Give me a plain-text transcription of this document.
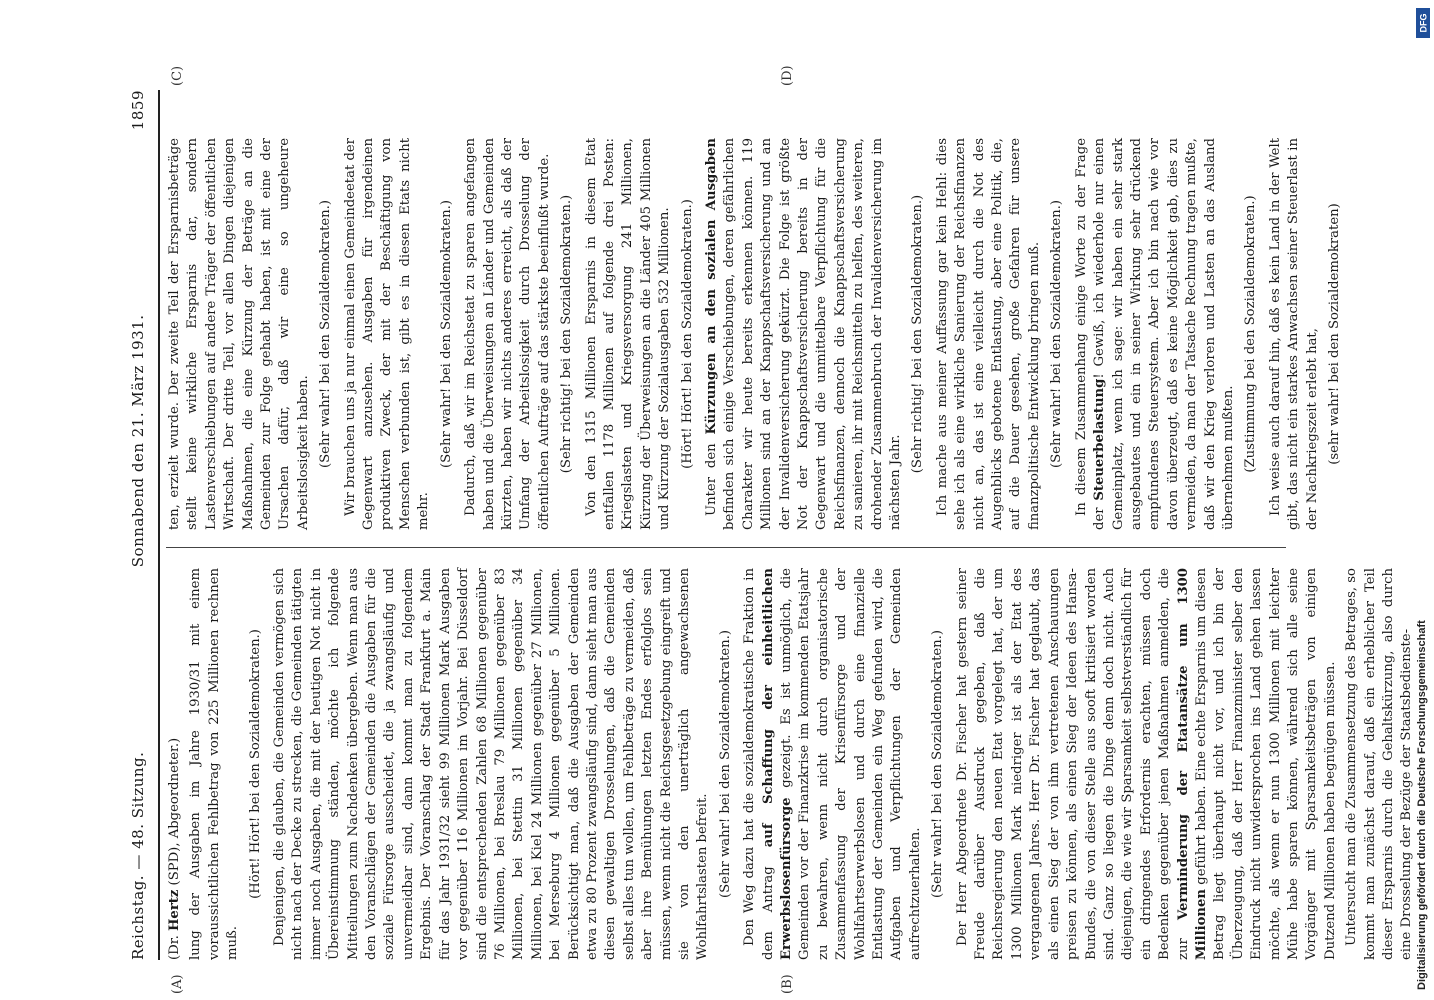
Reichstag. — 48. Sitzung.
Sonnabend den 21. März 1931.
1859

(Dr. Hertz (SPD), Abgeordneter.) lung der Ausgaben im Jahre 1930/31 mit einem voraussichtlichen Fehlbetrag von 225 Millionen rechnen muß.

(Hört! Hört! bei den Sozialdemokraten.) Denjenigen, die glauben, die Gemeinden vermögen sich nicht nach der Decke zu strecken, die Gemeinden tätigten immer noch Ausgaben, die mit der heutigen Not nicht in Übereinstimmung ständen, möchte ich folgende Mitteilungen zum Nachdenken übergeben. Wenn man aus den Voranschlägen der Gemeinden die Ausgaben für die soziale Fürsorge ausscheidet, die ja zwangsläufig und unvermeidbar sind, dann kommt man zu folgendem Ergebnis. Der Voranschlag der Stadt Frankfurt a. Main für das Jahr 1931/32 sieht 99 Millionen Mark Ausgaben vor gegenüber 116 Millionen im Vorjahr. Bei Düsseldorf sind die entsprechenden Zahlen 68 Millionen gegenüber 76 Millionen, bei Breslau 79 Millionen gegenüber 83 Millionen, bei Stettin 31 Millionen gegenüber 34 Millionen, bei Kiel 24 Millionen gegenüber 27 Millionen, bei Merseburg 4 Millionen gegenüber 5 Millionen. Berücksichtigt man, daß die Ausgaben der Gemeinden etwa zu 80 Prozent zwangsläufig sind, dann sieht man aus diesen gewaltigen Drosselungen, daß die Gemeinden selbst alles tun wollen, um Fehlbeträge zu vermeiden, daß aber ihre Bemühungen letzten Endes erfolglos sein müssen, wenn nicht die Reichsgesetzgebung eingreift und sie von den unerträglich angewachsenen Wohlfahrtslasten befreit. (Sehr wahr! bei den Sozialdemokraten.) Den Weg dazu hat die sozialdemokratische Fraktion in dem Antrag auf Schaffung der einheitlichen Erwerbslosenfürsorge gezeigt. Es ist unmöglich, die Gemeinden vor der Finanzkrise im kommenden Etatsjahr zu bewahren, wenn nicht durch organisatorische Zusammenfassung der Krisenfürsorge und der Wohlfahrtserwerbslosen und durch eine finanzielle Entlastung der Gemeinden ein Weg gefunden wird, die Aufgaben und Verpflichtungen der Gemeinden aufrechtzuerhalten. (Sehr wahr! bei den Sozialdemokraten.) Der Herr Abgeordnete Dr. Fischer hat gestern seiner Freude darüber Ausdruck gegeben, daß die Reichsregierung den neuen Etat vorgelegt hat, der um 1300 Millionen Mark niedriger ist als der Etat des vergangenen Jahres. Herr Dr. Fischer hat geglaubt, das als einen Sieg der von ihm vertretenen Anschauungen preisen zu können, als einen Sieg der Ideen des Hansa-Bundes, die von dieser Stelle aus sooft kritisiert worden sind. Ganz so liegen die Dinge denn doch nicht. Auch diejenigen, die wie wir Sparsamkeit selbstverständlich für ein dringendes Erfordernis erachten, müssen doch Bedenken gegenüber jenen Maßnahmen anmelden, die zur Verminderung der Etatansätze um 1300 Millionen geführt haben. Eine echte Ersparnis um diesen Betrag liegt überhaupt nicht vor, und ich bin der Überzeugung, daß der Herr Finanzminister selber den Eindruck nicht unwidersprochen ins Land gehen lassen möchte, als wenn er nun 1300 Millionen mit leichter Mühe habe sparen können, während sich alle seine Vorgänger mit Sparsamkeitsbeträgen von einigen Dutzend Millionen haben begnügen müssen. Untersucht man die Zusammensetzung des Betrages, so kommt man zunächst darauf, daß ein erheblicher Teil dieser Ersparnis durch die Gehaltskürzung, also durch eine Drosselung der Bezüge der Staatsbedienste-

ten, erzielt wurde. Der zweite Teil der Ersparnisbeträge stellt keine wirkliche Ersparnis dar, sondern Lastenverschiebungen auf andere Träger der öffentlichen Wirtschaft. Der dritte Teil, vor allen Dingen diejenigen Maßnahmen, die eine Kürzung der Beträge an die Gemeinden zur Folge gehabt haben, ist mit eine der Ursachen dafür, daß wir eine so ungeheure Arbeitslosigkeit haben. (Sehr wahr! bei den Sozialdemokraten.) Wir brauchen uns ja nur einmal einen Gemeindeetat der Gegenwart anzusehen. Ausgaben für irgendeinen produktiven Zweck, der mit der Beschäftigung von Menschen verbunden ist, gibt es in diesen Etats nicht mehr.

(Sehr wahr! bei den Sozialdemokraten.) Dadurch, daß wir im Reichsetat zu sparen angefangen haben und die Überweisungen an Länder und Gemeinden kürzten, haben wir nichts anderes erreicht, als daß der Umfang der Arbeitslosigkeit durch Drosselung der öffentlichen Aufträge auf das stärkste beeinflußt wurde. (Sehr richtig! bei den Sozialdemokraten.) Von den 1315 Millionen Ersparnis in diesem Etat entfallen 1178 Millionen auf folgende drei Posten: Kriegslasten und Kriegsversorgung 241 Millionen, Kürzung der Überweisungen an die Länder 405 Millionen und Kürzung der Sozialausgaben 532 Millionen. (Hört! Hört! bei den Sozialdemokraten.)

Unter den Kürzungen an den sozialen Ausgaben befinden sich einige Verschiebungen, deren gefährlichen Charakter wir heute bereits erkennen können. 119 Millionen sind an der Knappschaftsversicherung und an der Invalidenversicherung gekürzt. Die Folge ist größte Not der Knappschaftsversicherung bereits in der Gegenwart und die unmittelbare Verpflichtung für die Reichsfinanzen, dennoch die Knappschaftsversicherung zu sanieren, ihr mit Reichsmitteln zu helfen, des weiteren, drohender Zusammenbruch der Invalidenversicherung im nächsten Jahr.

(Sehr richtig! bei den Sozialdemokraten.) Ich mache aus meiner Auffassung gar kein Hehl: dies sehe ich als eine wirkliche Sanierung der Reichsfinanzen nicht an, das ist eine vielleicht durch die Not des Augenblicks gebotene Entlastung, aber eine Politik, die, auf die Dauer gesehen, große Gefahren für unsere finanzpolitische Entwicklung bringen muß. (Sehr wahr! bei den Sozialdemokraten.) In diesem Zusammenhang einige Worte zu der Frage der Steuerbelastung! Gewiß, ich wiederhole nur einen Gemeinplatz, wenn ich sage: wir haben ein sehr stark ausgebautes und ein in seiner Wirkung sehr drückend empfundenes Steuersystem. Aber ich bin nach wie vor davon überzeugt, daß es keine Möglichkeit gab, dies zu vermeiden, da man der Tatsache Rechnung tragen mußte, daß wir den Krieg verloren und Lasten an das Ausland übernehmen mußten. (Zustimmung bei den Sozialdemokraten.) Ich weise auch darauf hin, daß es kein Land in der Welt gibt, das nicht ein starkes Anwachsen seiner Steuerlast in der Nachkriegszeit erlebt hat, (sehr wahr! bei den Sozialdemokraten)

(A)	(B)
(C)	(D)
DFG
Digitalisierung gefördert durch die Deutsche Forschungsgemeinschaft
